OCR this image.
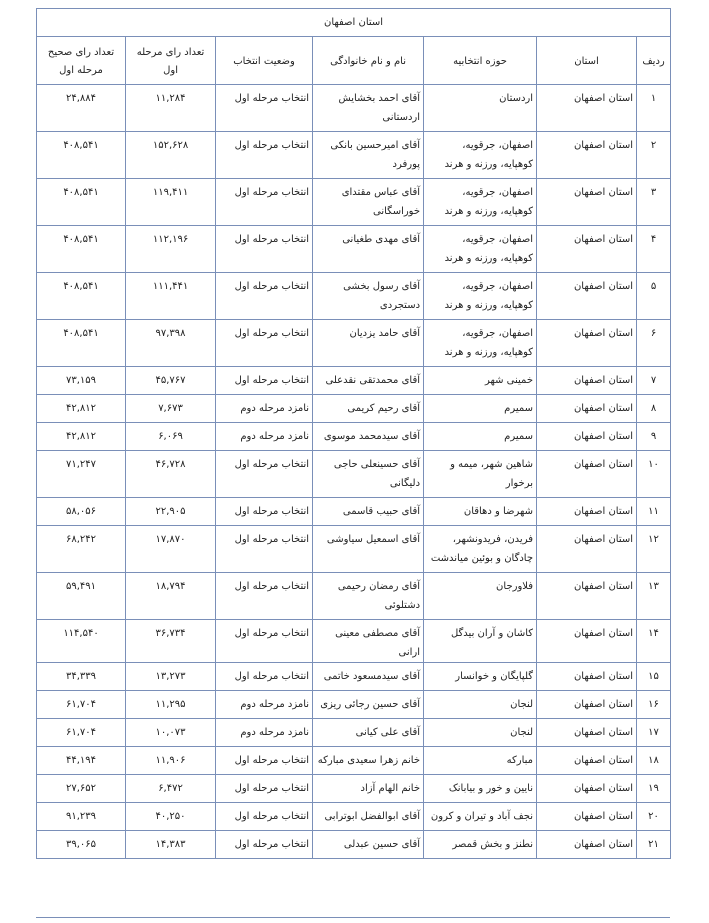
استان اصفهان						
ردیف	استان	حوزه انتخابیه	نام و نام خانوادگی	وضعیت انتخاب	تعداد رای مرحله اول	تعداد رای صحیح مرحله اول
۱	استان اصفهان	اردستان	آقای احمد بخشایش اردستانی	انتخاب مرحله اول	۱۱,۲۸۴	۲۴,۸۸۴
۲	استان اصفهان	اصفهان، جرقویه، کوهپایه، ورزنه و هرند	آقای امیرحسین بانکی پورفرد	انتخاب مرحله اول	۱۵۲,۶۲۸	۴۰۸,۵۴۱
۳	استان اصفهان	اصفهان، جرقویه، کوهپایه، ورزنه و هرند	آقای عباس مقتدای خوراسگانی	انتخاب مرحله اول	۱۱۹,۴۱۱	۴۰۸,۵۴۱
۴	استان اصفهان	اصفهان، جرقویه، کوهپایه، ورزنه و هرند	آقای مهدی طغیانی	انتخاب مرحله اول	۱۱۲,۱۹۶	۴۰۸,۵۴۱
۵	استان اصفهان	اصفهان، جرقویه، کوهپایه، ورزنه و هرند	آقای رسول بخشی دستجردی	انتخاب مرحله اول	۱۱۱,۴۴۱	۴۰۸,۵۴۱
۶	استان اصفهان	اصفهان، جرقویه، کوهپایه، ورزنه و هرند	آقای حامد یزدیان	انتخاب مرحله اول	۹۷,۳۹۸	۴۰۸,۵۴۱
۷	استان اصفهان	خمینی شهر	آقای محمدتقی نقدعلی	انتخاب مرحله اول	۴۵,۷۶۷	۷۳,۱۵۹
۸	استان اصفهان	سمیرم	آقای رحیم کریمی	نامزد مرحله دوم	۷,۶۷۳	۴۲,۸۱۲
۹	استان اصفهان	سمیرم	آقای سیدمحمد موسوی	نامزد مرحله دوم	۶,۰۶۹	۴۲,۸۱۲
۱۰	استان اصفهان	شاهین شهر، میمه و برخوار	آقای حسینعلی حاجی دلیگانی	انتخاب مرحله اول	۴۶,۷۲۸	۷۱,۲۴۷
۱۱	استان اصفهان	شهرضا و دهاقان	آقای حبیب قاسمی	انتخاب مرحله اول	۲۲,۹۰۵	۵۸,۰۵۶
۱۲	استان اصفهان	فریدن، فریدونشهر، چادگان و بوئین میاندشت	آقای اسمعیل سیاوشی	انتخاب مرحله اول	۱۷,۸۷۰	۶۸,۲۴۲
۱۳	استان اصفهان	فلاورجان	آقای رمضان رحیمی دشتلوئی	انتخاب مرحله اول	۱۸,۷۹۴	۵۹,۴۹۱
۱۴	استان اصفهان	کاشان و آران بیدگل	آقای مصطفی معینی ارانی	انتخاب مرحله اول	۳۶,۷۳۴	۱۱۴,۵۴۰
۱۵	استان اصفهان	گلپایگان و خوانسار	آقای سیدمسعود خاتمی	انتخاب مرحله اول	۱۳,۲۷۳	۳۴,۳۳۹
۱۶	استان اصفهان	لنجان	آقای حسین رجائی ریزی	نامزد مرحله دوم	۱۱,۲۹۵	۶۱,۷۰۴
۱۷	استان اصفهان	لنجان	آقای علی کیانی	نامزد مرحله دوم	۱۰,۰۷۳	۶۱,۷۰۴
۱۸	استان اصفهان	مبارکه	خانم زهرا سعیدی مبارکه	انتخاب مرحله اول	۱۱,۹۰۶	۴۴,۱۹۴
۱۹	استان اصفهان	نایین و خور و بیابانک	خانم الهام آزاد	انتخاب مرحله اول	۶,۴۷۲	۲۷,۶۵۲
۲۰	استان اصفهان	نجف آباد و تیران و کرون	آقای ابوالفضل ابوترابی	انتخاب مرحله اول	۴۰,۲۵۰	۹۱,۲۳۹
۲۱	استان اصفهان	نطنز و بخش قمصر	آقای حسین عبدلی	انتخاب مرحله اول	۱۴,۳۸۳	۳۹,۰۶۵
